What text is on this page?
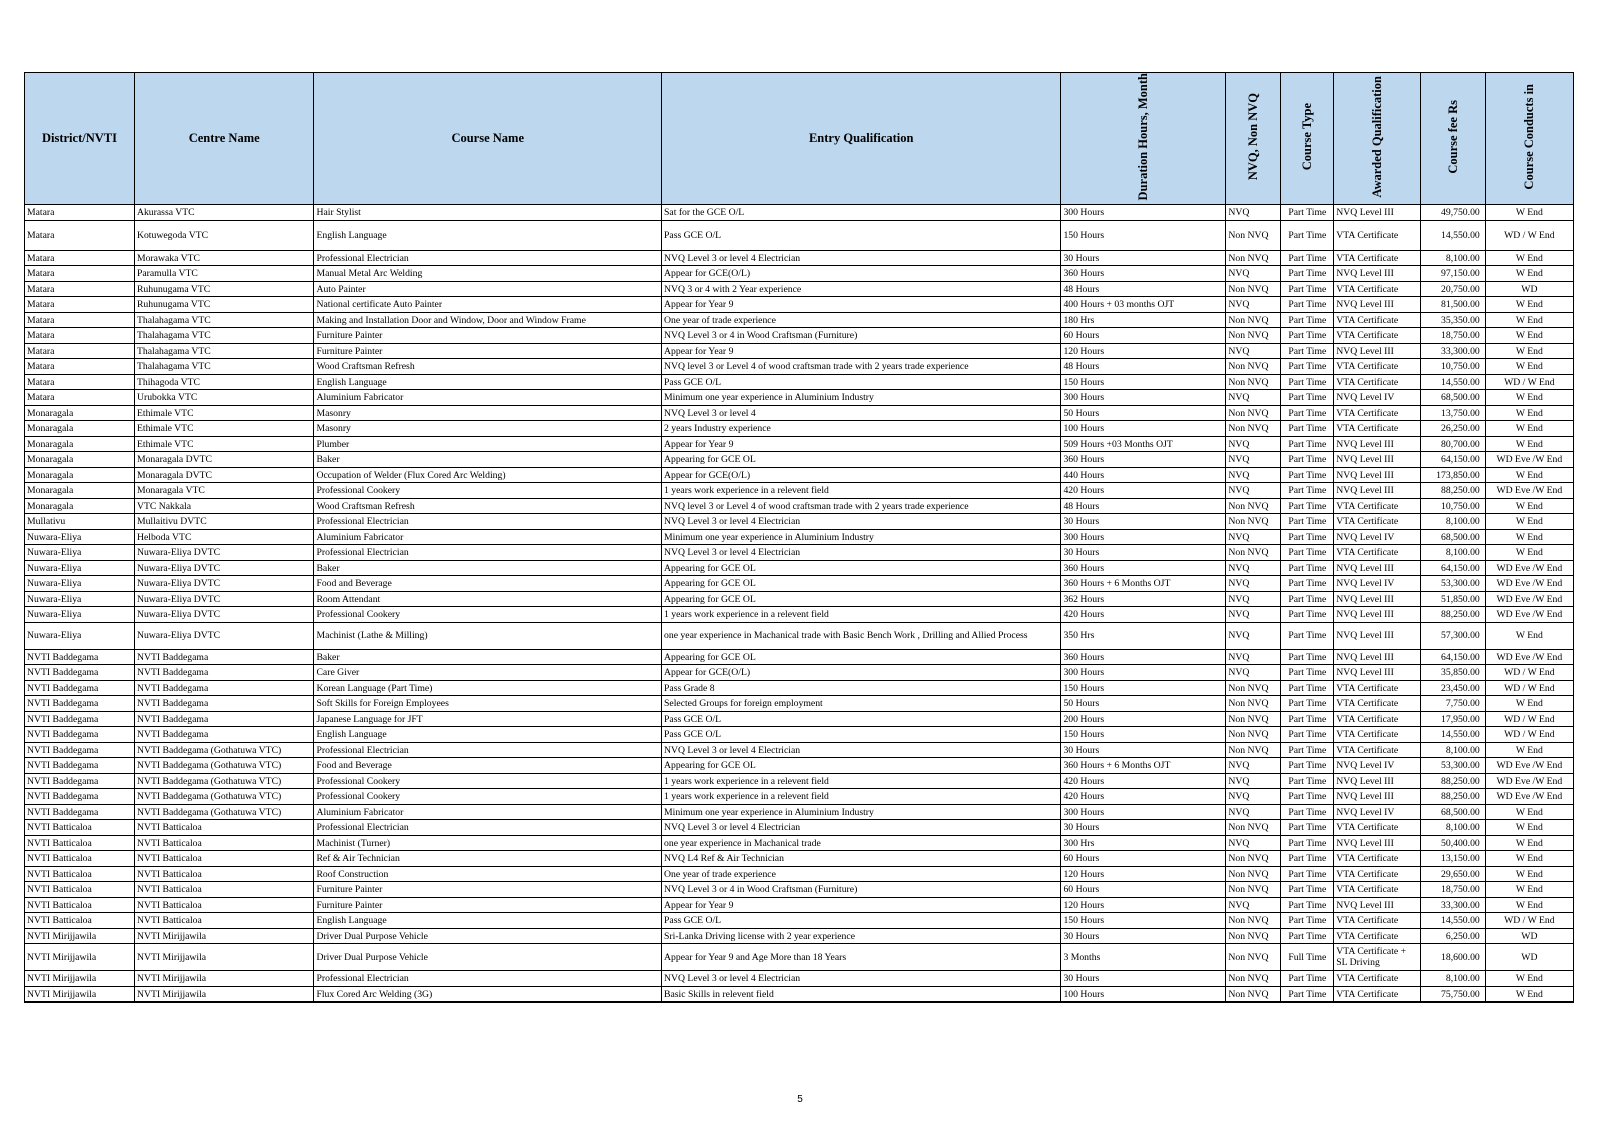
District/NVTI	Centre Name	Course Name	Entry Qualification	Duration Hours, Month	NVQ, Non NVQ	Course Type	Awarded Qualification	Course fee Rs	Course Conducts in
Matara	Akurassa VTC	Hair Stylist	Sat for the GCE O/L	300 Hours	NVQ	Part Time	NVQ Level III	49,750.00	W End
Matara	Kotuwegoda VTC	English Language	Pass GCE O/L	150 Hours	Non NVQ	Part Time	VTA Certificate	14,550.00	WD / W End
Matara	Morawaka VTC	Professional Electrician	NVQ Level 3 or level 4 Electrician	30 Hours	Non NVQ	Part Time	VTA Certificate	8,100.00	W End
Matara	Paramulla VTC	Manual Metal Arc Welding	Appear for GCE(O/L)	360 Hours	NVQ	Part Time	NVQ Level III	97,150.00	W End
Matara	Ruhunugama VTC	Auto Painter	NVQ 3 or 4 with 2 Year experience	48 Hours	Non NVQ	Part Time	VTA Certificate	20,750.00	WD
Matara	Ruhunugama VTC	National certificate Auto Painter	Appear for Year 9	400 Hours + 03 months OJT	NVQ	Part Time	NVQ Level III	81,500.00	W End
Matara	Thalahagama VTC	Making and Installation Door and Window, Door and Window Frame	One year of trade experience	180 Hrs	Non NVQ	Part Time	VTA Certificate	35,350.00	W End
Matara	Thalahagama VTC	Furniture Painter	NVQ Level 3 or 4 in Wood Craftsman (Furniture)	60 Hours	Non NVQ	Part Time	VTA Certificate	18,750.00	W End
Matara	Thalahagama VTC	Furniture Painter	Appear for Year 9	120 Hours	NVQ	Part Time	NVQ Level III	33,300.00	W End
Matara	Thalahagama VTC	Wood Craftsman Refresh	NVQ level 3 or Level 4 of wood craftsman trade with 2 years trade experience	48 Hours	Non NVQ	Part Time	VTA Certificate	10,750.00	W End
Matara	Thihagoda VTC	English Language	Pass GCE O/L	150 Hours	Non NVQ	Part Time	VTA Certificate	14,550.00	WD / W End
Matara	Urubokka VTC	Aluminium Fabricator	Minimum one year experience in Aluminium Industry	300 Hours	NVQ	Part Time	NVQ Level IV	68,500.00	W End
Monaragala	Ethimale VTC	Masonry	NVQ Level 3 or level 4	50 Hours	Non NVQ	Part Time	VTA Certificate	13,750.00	W End
Monaragala	Ethimale VTC	Masonry	2 years Industry experience	100 Hours	Non NVQ	Part Time	VTA Certificate	26,250.00	W End
Monaragala	Ethimale VTC	Plumber	Appear for Year 9	509 Hours +03 Months OJT	NVQ	Part Time	NVQ Level III	80,700.00	W End
Monaragala	Monaragala DVTC	Baker	Appearing for GCE OL	360 Hours	NVQ	Part Time	NVQ Level III	64,150.00	WD Eve /W End
Monaragala	Monaragala DVTC	Occupation of Welder (Flux Cored Arc Welding)	Appear for GCE(O/L)	440 Hours	NVQ	Part Time	NVQ Level III	173,850.00	W End
Monaragala	Monaragala VTC	Professional Cookery	1 years work experience in a relevent field	420 Hours	NVQ	Part Time	NVQ Level III	88,250.00	WD Eve /W End
Monaragala	VTC Nakkala	Wood Craftsman Refresh	NVQ level 3 or Level 4 of wood craftsman trade with 2 years trade experience	48 Hours	Non NVQ	Part Time	VTA Certificate	10,750.00	W End
Mullativu	Mullaitivu DVTC	Professional Electrician	NVQ Level 3 or level 4 Electrician	30 Hours	Non NVQ	Part Time	VTA Certificate	8,100.00	W End
Nuwara-Eliya	Helboda VTC	Aluminium Fabricator	Minimum one year experience in Aluminium Industry	300 Hours	NVQ	Part Time	NVQ Level IV	68,500.00	W End
Nuwara-Eliya	Nuwara-Eliya DVTC	Professional Electrician	NVQ Level 3 or level 4 Electrician	30 Hours	Non NVQ	Part Time	VTA Certificate	8,100.00	W End
Nuwara-Eliya	Nuwara-Eliya DVTC	Baker	Appearing for GCE OL	360 Hours	NVQ	Part Time	NVQ Level III	64,150.00	WD Eve /W End
Nuwara-Eliya	Nuwara-Eliya DVTC	Food and Beverage	Appearing for GCE OL	360 Hours + 6 Months OJT	NVQ	Part Time	NVQ Level IV	53,300.00	WD Eve /W End
Nuwara-Eliya	Nuwara-Eliya DVTC	Room Attendant	Appearing for GCE OL	362 Hours	NVQ	Part Time	NVQ Level III	51,850.00	WD Eve /W End
Nuwara-Eliya	Nuwara-Eliya DVTC	Professional Cookery	1 years work experience in a relevent field	420 Hours	NVQ	Part Time	NVQ Level III	88,250.00	WD Eve /W End
Nuwara-Eliya	Nuwara-Eliya DVTC	Machinist (Lathe & Milling)	one year experience in Machanical trade with Basic Bench Work , Drilling and Allied Process	350 Hrs	NVQ	Part Time	NVQ Level III	57,300.00	W End
NVTI Baddegama	NVTI Baddegama	Baker	Appearing for GCE OL	360 Hours	NVQ	Part Time	NVQ Level III	64,150.00	WD Eve /W End
NVTI Baddegama	NVTI Baddegama	Care Giver	Appear for GCE(O/L)	300 Hours	NVQ	Part Time	NVQ Level III	35,850.00	WD / W End
NVTI Baddegama	NVTI Baddegama	Korean Language (Part Time)	Pass Grade 8	150 Hours	Non NVQ	Part Time	VTA Certificate	23,450.00	WD / W End
NVTI Baddegama	NVTI Baddegama	Soft Skills for Foreign Employees	Selected Groups for foreign employment	50 Hours	Non NVQ	Part Time	VTA Certificate	7,750.00	W End
NVTI Baddegama	NVTI Baddegama	Japanese Language for JFT	Pass GCE O/L	200 Hours	Non NVQ	Part Time	VTA Certificate	17,950.00	WD / W End
NVTI Baddegama	NVTI Baddegama	English Language	Pass GCE O/L	150 Hours	Non NVQ	Part Time	VTA Certificate	14,550.00	WD / W End
NVTI Baddegama	NVTI Baddegama (Gothatuwa VTC)	Professional Electrician	NVQ Level 3 or level 4 Electrician	30 Hours	Non NVQ	Part Time	VTA Certificate	8,100.00	W End
NVTI Baddegama	NVTI Baddegama (Gothatuwa VTC)	Food and Beverage	Appearing for GCE OL	360 Hours + 6 Months OJT	NVQ	Part Time	NVQ Level IV	53,300.00	WD Eve /W End
NVTI Baddegama	NVTI Baddegama (Gothatuwa VTC)	Professional Cookery	1 years work experience in a relevent field	420 Hours	NVQ	Part Time	NVQ Level III	88,250.00	WD Eve /W End
NVTI Baddegama	NVTI Baddegama (Gothatuwa VTC)	Professional Cookery	1 years work experience in a relevent field	420 Hours	NVQ	Part Time	NVQ Level III	88,250.00	WD Eve /W End
NVTI Baddegama	NVTI Baddegama (Gothatuwa VTC)	Aluminium Fabricator	Minimum one year experience in Aluminium Industry	300 Hours	NVQ	Part Time	NVQ Level IV	68,500.00	W End
NVTI Batticaloa	NVTI Batticaloa	Professional Electrician	NVQ Level 3 or level 4 Electrician	30 Hours	Non NVQ	Part Time	VTA Certificate	8,100.00	W End
NVTI Batticaloa	NVTI Batticaloa	Machinist (Turner)	one year experience in Machanical trade	300 Hrs	NVQ	Part Time	NVQ Level III	50,400.00	W End
NVTI Batticaloa	NVTI Batticaloa	Ref & Air Technician	NVQ L4 Ref & Air Technician	60 Hours	Non NVQ	Part Time	VTA Certificate	13,150.00	W End
NVTI Batticaloa	NVTI Batticaloa	Roof Construction	One year of trade experience	120 Hours	Non NVQ	Part Time	VTA Certificate	29,650.00	W End
NVTI Batticaloa	NVTI Batticaloa	Furniture Painter	NVQ Level 3 or 4 in Wood Craftsman (Furniture)	60 Hours	Non NVQ	Part Time	VTA Certificate	18,750.00	W End
NVTI Batticaloa	NVTI Batticaloa	Furniture Painter	Appear for Year 9	120 Hours	NVQ	Part Time	NVQ Level III	33,300.00	W End
NVTI Batticaloa	NVTI Batticaloa	English Language	Pass GCE O/L	150 Hours	Non NVQ	Part Time	VTA Certificate	14,550.00	WD / W End
NVTI Mirijjawila	NVTI Mirijjawila	Driver Dual Purpose Vehicle	Sri-Lanka Driving license with 2 year experience	30 Hours	Non NVQ	Part Time	VTA Certificate	6,250.00	WD
NVTI Mirijjawila	NVTI Mirijjawila	Driver Dual Purpose Vehicle	Appear for Year 9 and Age More than 18 Years	3 Months	Non NVQ	Full Time	VTA Certificate + SL Driving	18,600.00	WD
NVTI Mirijjawila	NVTI Mirijjawila	Professional Electrician	NVQ Level 3 or level 4 Electrician	30 Hours	Non NVQ	Part Time	VTA Certificate	8,100.00	W End
NVTI Mirijjawila	NVTI Mirijjawila	Flux Cored Arc Welding (3G)	Basic Skills in relevent field	100 Hours	Non NVQ	Part Time	VTA Certificate	75,750.00	W End
5
